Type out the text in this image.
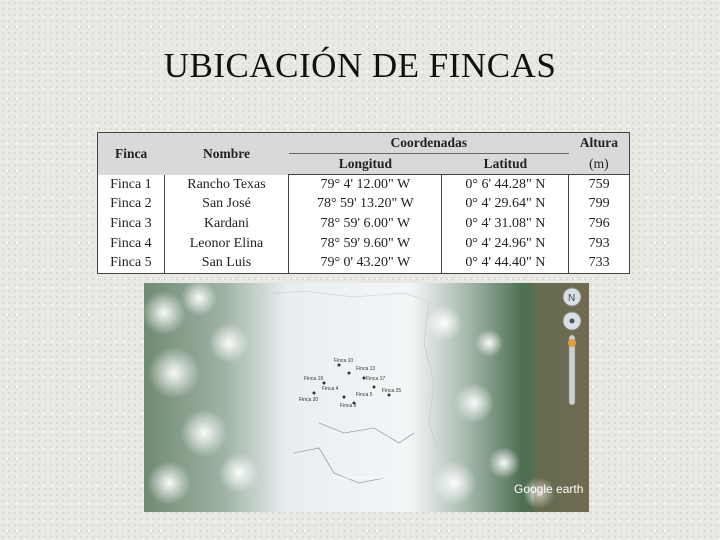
UBICACIÓN DE FINCAS
Finca	Nombre	Coordenadas		Altura
		Longitud	Latitud	(m)
Finca 1	Rancho Texas	79° 4' 12.00" W	0° 6' 44.28" N	759
Finca 2	San José	78° 59' 13.20" W	0° 4' 29.64" N	799
Finca 3	Kardani	78° 59' 6.00" W	0° 4' 31.08" N	796
Finca 4	Leonor Elina	78° 59' 9.60" W	0° 4' 24.96" N	793
Finca 5	San Luis	79° 0' 43.20" W	0° 4' 44.40" N	733
Finca 10
Finca 13
Finca 17
Finca 19
Finca 25
Finca 20
Finca 9
Finca 4
Finca 5
N
Google earth
Image U.S. Geological Survey
